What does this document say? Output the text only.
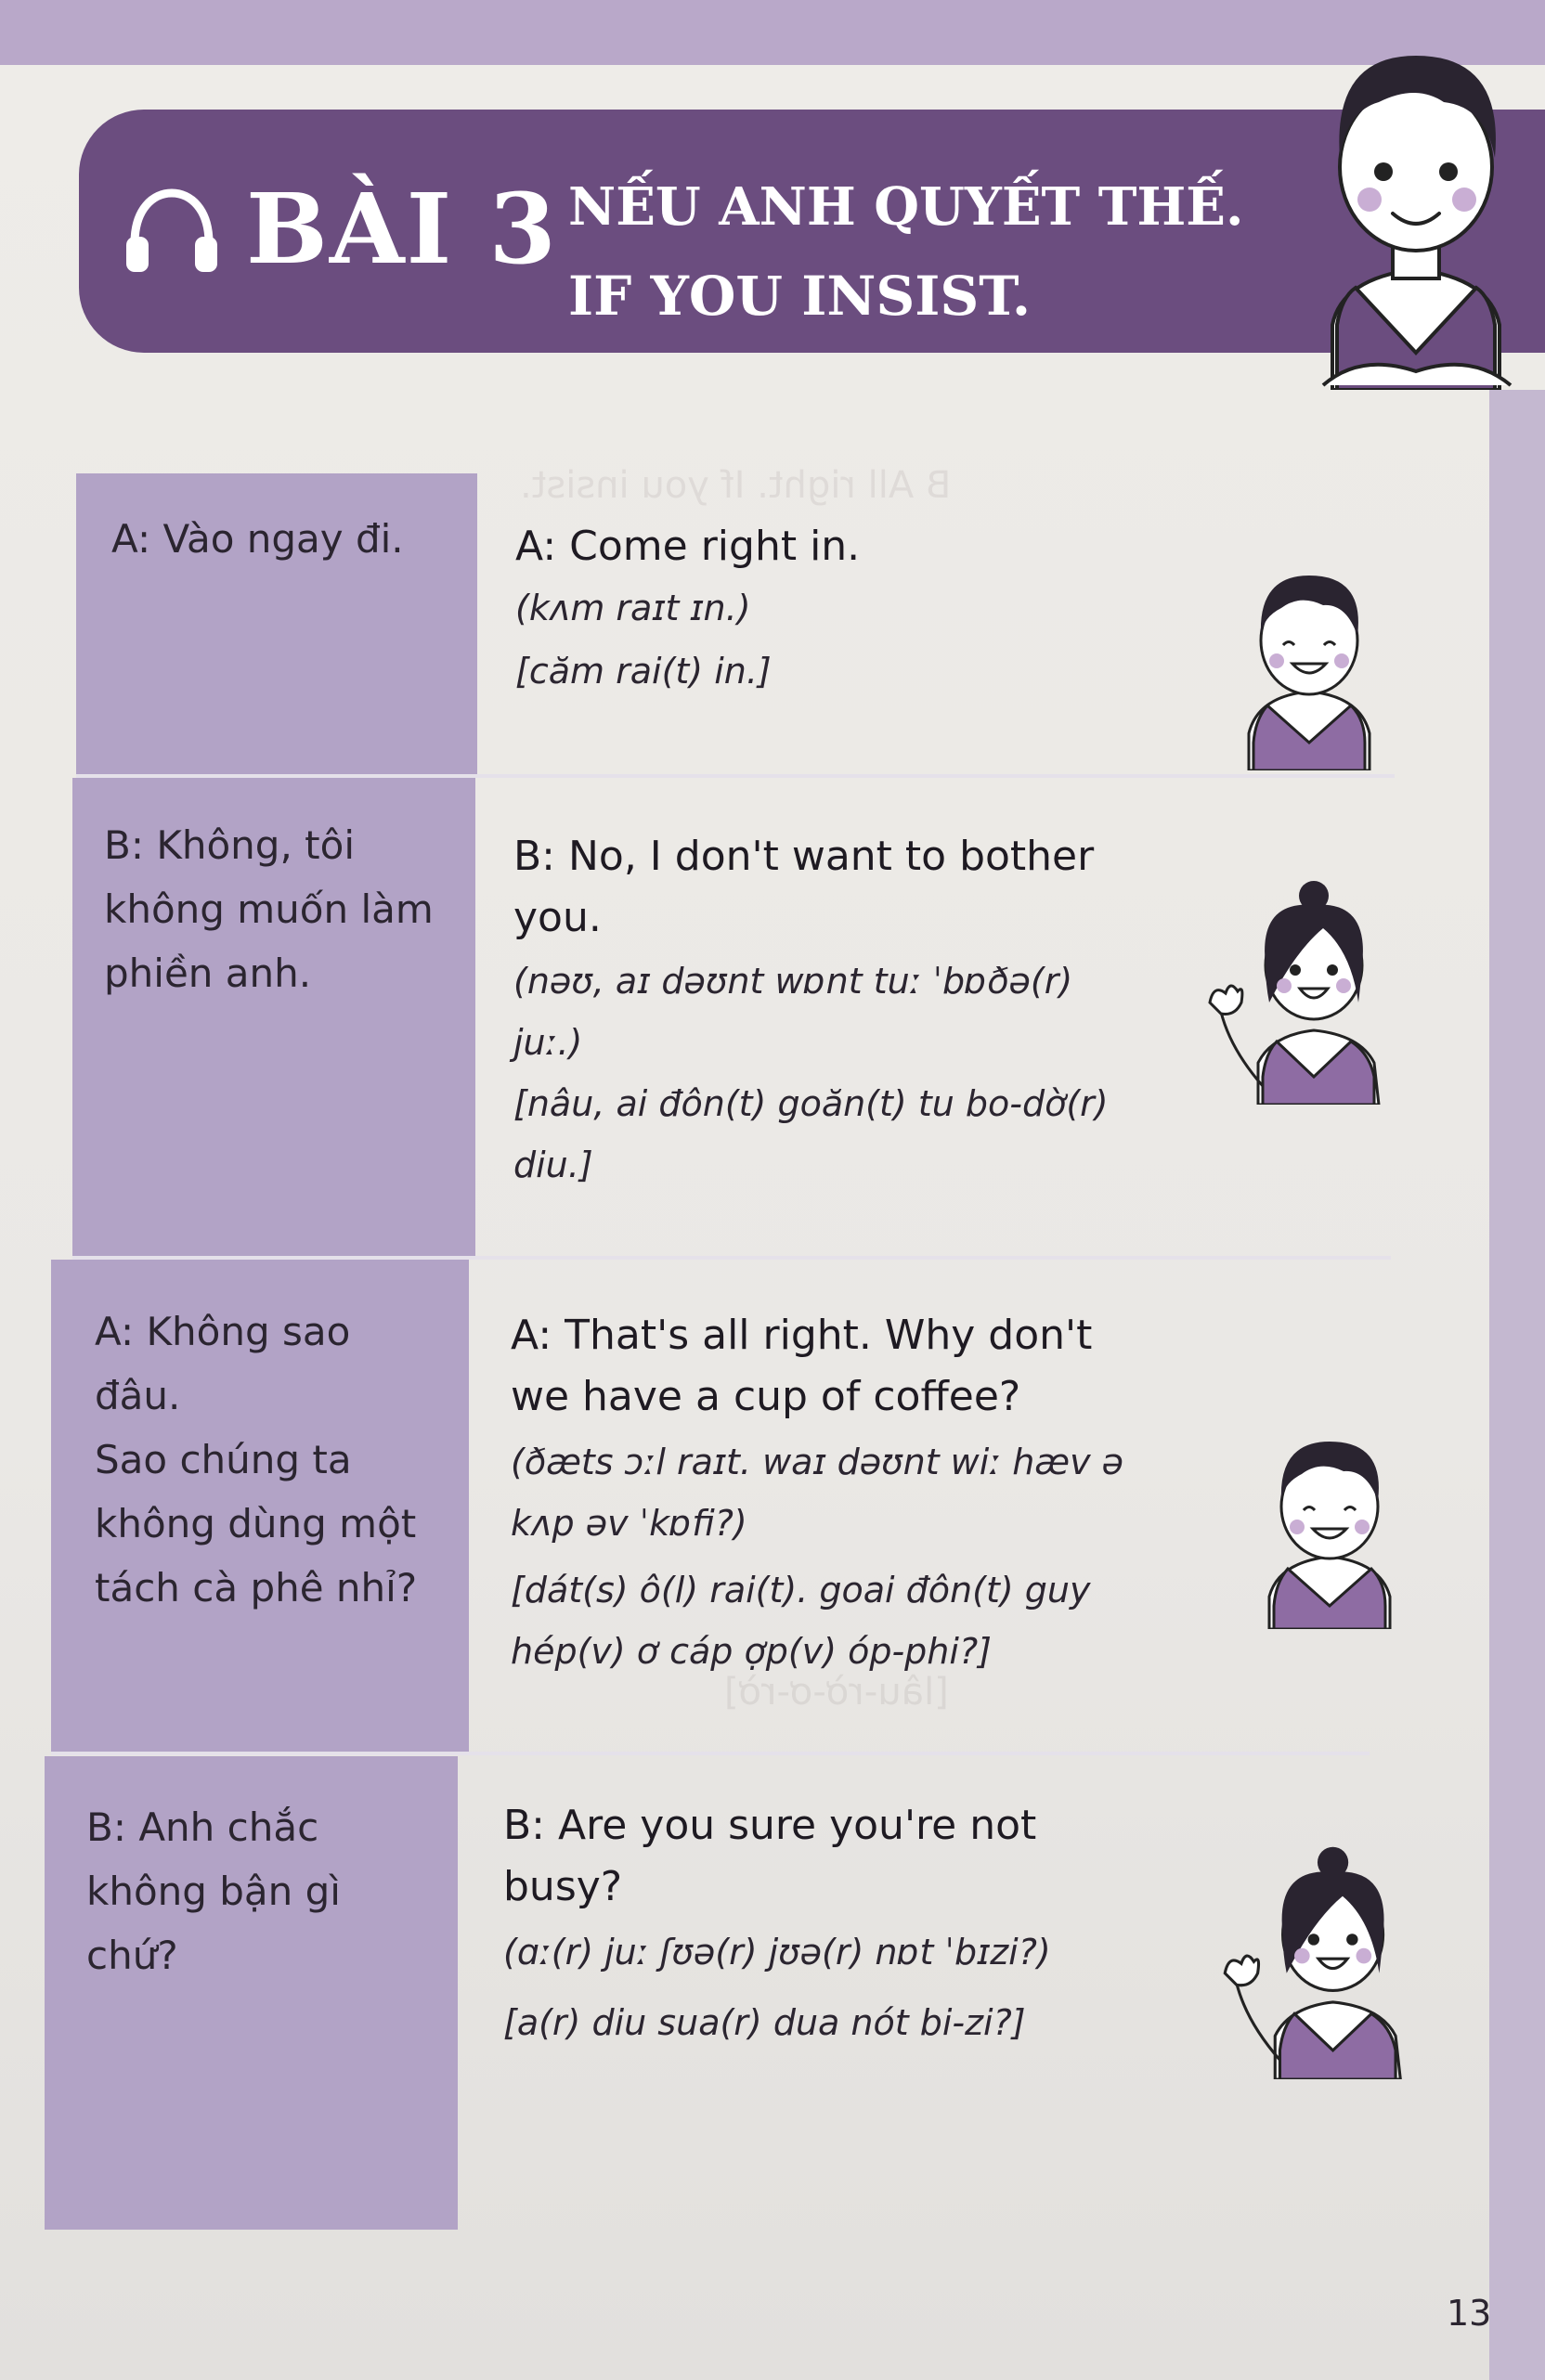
B All right. If you insist.
[lâu-rờ-ơ-rờ]
BÀI 3 NẾU ANH QUYẾT THẾ.
IF YOU INSIST.
A: Vào ngay đi.	A: Come right in.
(kʌm raɪt ɪn.)
[căm rai(t) in.]
B: Không, tôi
không muốn làm
phiền anh.
B: No, I don't want to bother
you.
(nəʊ, aɪ dəʊnt wɒnt tuː ˈbɒðə(r)
juː.)
[nâu, ai đôn(t) goăn(t) tu bo-dờ(r)
diu.]
A: Không sao
đâu.
Sao chúng ta
không dùng một
tách cà phê nhỉ?
A: That's all right. Why don't
we have a cup of coffee?
(ðæts ɔːl raɪt. waɪ dəʊnt wiː hæv ə
kʌp əv ˈkɒfi?)
[dát(s) ô(l) rai(t). goai đôn(t) guy
hép(v) ơ cáp ợp(v) óp-phi?]
B: Anh chắc
không bận gì
chứ?
B: Are you sure you're not
busy?
(ɑː(r) juː ʃʊə(r) jʊə(r) nɒt ˈbɪzi?)
[a(r) diu sua(r) dua nót bi-zi?]
13
